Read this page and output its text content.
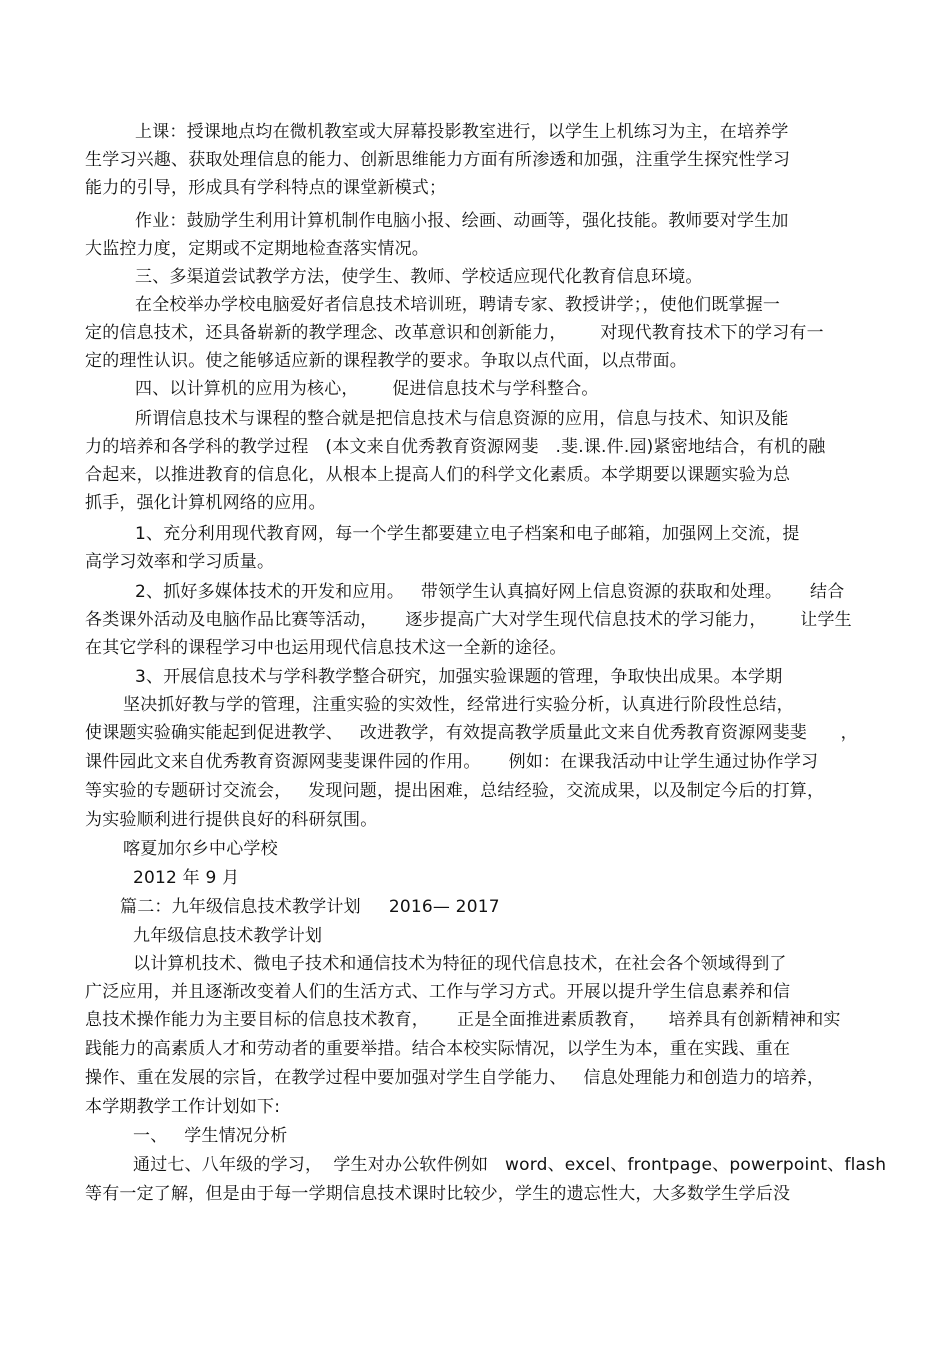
上课：授课地点均在微机教室或大屏幕投影教室进行，以学生上机练习为主，在培养学

生学习兴趣、获取处理信息的能力、创新思维能力方面有所渗透和加强，注重学生探究性学习

能力的引导，形成具有学科特点的课堂新模式；

作业：鼓励学生利用计算机制作电脑小报、绘画、动画等，强化技能。教师要对学生加

大监控力度，定期或不定期地检查落实情况。

三、多渠道尝试教学方法，使学生、教师、学校适应现代化教育信息环境。

在全校举办学校电脑爱好者信息技术培训班，聘请专家、教授讲学；，使他们既掌握一

定的信息技术，还具备崭新的教学理念、改革意识和创新能力，      对现代教育技术下的学习有一

定的理性认识。使之能够适应新的课程教学的要求。争取以点代面，以点带面。

四、以计算机的应用为核心，      促进信息技术与学科整合。

所谓信息技术与课程的整合就是把信息技术与信息资源的应用，信息与技术、知识及能

力的培养和各学科的教学过程   (本文来自优秀教育资源网斐   .斐.课.件.园)紧密地结合，有机的融

合起来，以推进教育的信息化，从根本上提高人们的科学文化素质。本学期要以课题实验为总

抓手，强化计算机网络的应用。

1、充分利用现代教育网，每一个学生都要建立电子档案和电子邮箱，加强网上交流，提

高学习效率和学习质量。

2、抓好多媒体技术的开发和应用。   带领学生认真搞好网上信息资源的获取和处理。     结合

各类课外活动及电脑作品比赛等活动，     逐步提高广大对学生现代信息技术的学习能力，      让学生

在其它学科的课程学习中也运用现代信息技术这一全新的途径。

3、开展信息技术与学科教学整合研究，加强实验课题的管理，争取快出成果。本学期

坚决抓好教与学的管理，注重实验的实效性，经常进行实验分析，认真进行阶段性总结，

使课题实验确实能起到促进教学、   改进教学，有效提高教学质量此文来自优秀教育资源网斐斐      ，

课件园此文来自优秀教育资源网斐斐课件园的作用。     例如：在课我活动中让学生通过协作学习

等实验的专题研讨交流会，   发现问题，提出困难，总结经验，交流成果，以及制定今后的打算，

为实验顺利进行提供良好的科研氛围。

喀夏加尔乡中心学校

2012 年 9 月

篇二：九年级信息技术教学计划     2016— 2017

九年级信息技术教学计划

以计算机技术、微电子技术和通信技术为特征的现代信息技术，在社会各个领域得到了

广泛应用，并且逐渐改变着人们的生活方式、工作与学习方式。开展以提升学生信息素养和信

息技术操作能力为主要目标的信息技术教育，     正是全面推进素质教育，    培养具有创新精神和实

践能力的高素质人才和劳动者的重要举措。结合本校实际情况，以学生为本，重在实践、重在

操作、重在发展的宗旨，在教学过程中要加强对学生自学能力、   信息处理能力和创造力的培养，

本学期教学工作计划如下:

一、   学生情况分析

通过七、八年级的学习，  学生对办公软件例如   word、excel、frontpage、powerpoint、flash

等有一定了解，但是由于每一学期信息技术课时比较少，学生的遗忘性大，大多数学生学后没
